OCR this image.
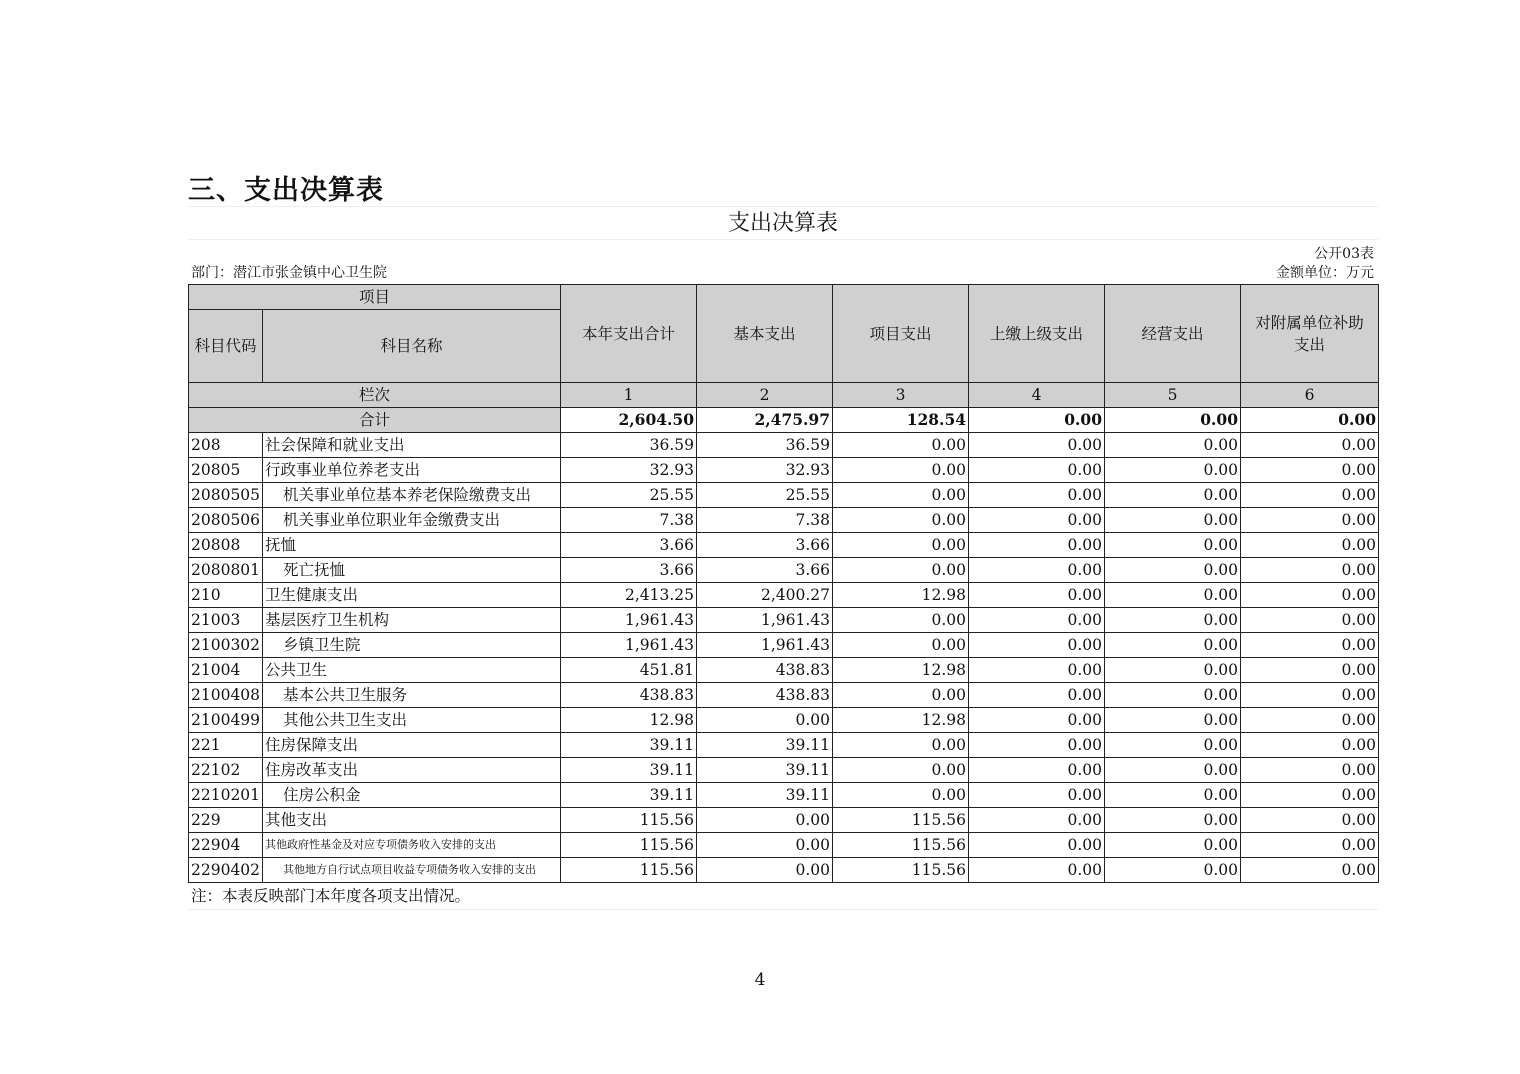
三、支出决算表
支出决算表
部门：潜江市张金镇中心卫生院
公开03表
金额单位：万元
项目		本年支出合计	基本支出	项目支出	上缴上级支出	经营支出	对附属单位补助支出
科目代码	科目名称						
栏次		1	2	3	4	5	6
合计		2,604.50	2,475.97	128.54	0.00	0.00	0.00
208	社会保障和就业支出	36.59	36.59	0.00	0.00	0.00	0.00
20805	行政事业单位养老支出	32.93	32.93	0.00	0.00	0.00	0.00
2080505	机关事业单位基本养老保险缴费支出	25.55	25.55	0.00	0.00	0.00	0.00
2080506	机关事业单位职业年金缴费支出	7.38	7.38	0.00	0.00	0.00	0.00
20808	抚恤	3.66	3.66	0.00	0.00	0.00	0.00
2080801	死亡抚恤	3.66	3.66	0.00	0.00	0.00	0.00
210	卫生健康支出	2,413.25	2,400.27	12.98	0.00	0.00	0.00
21003	基层医疗卫生机构	1,961.43	1,961.43	0.00	0.00	0.00	0.00
2100302	乡镇卫生院	1,961.43	1,961.43	0.00	0.00	0.00	0.00
21004	公共卫生	451.81	438.83	12.98	0.00	0.00	0.00
2100408	基本公共卫生服务	438.83	438.83	0.00	0.00	0.00	0.00
2100499	其他公共卫生支出	12.98	0.00	12.98	0.00	0.00	0.00
221	住房保障支出	39.11	39.11	0.00	0.00	0.00	0.00
22102	住房改革支出	39.11	39.11	0.00	0.00	0.00	0.00
2210201	住房公积金	39.11	39.11	0.00	0.00	0.00	0.00
229	其他支出	115.56	0.00	115.56	0.00	0.00	0.00
22904	其他政府性基金及对应专项债务收入安排的支出	115.56	0.00	115.56	0.00	0.00	0.00
2290402	其他地方自行试点项目收益专项债务收入安排的支出	115.56	0.00	115.56	0.00	0.00	0.00
注：本表反映部门本年度各项支出情况。
4
